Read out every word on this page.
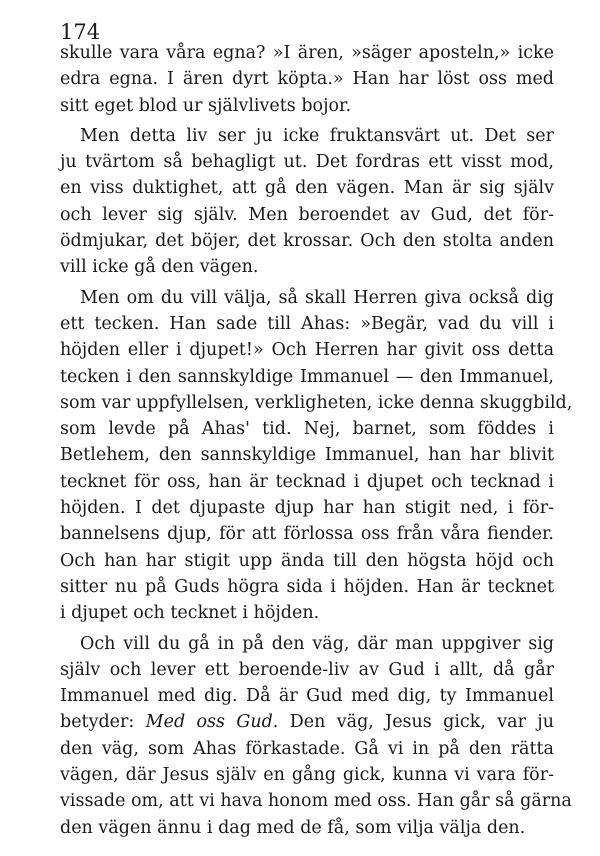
174
skulle vara våra egna? »I ären, »säger aposteln,» icke
edra egna. I ären dyrt köpta.» Han har löst oss med
sitt eget blod ur självlivets bojor.
Men detta liv ser ju icke fruktansvärt ut. Det ser
ju tvärtom så behagligt ut. Det fordras ett visst mod,
en viss duktighet, att gå den vägen. Man är sig själv
och lever sig själv. Men beroendet av Gud, det för-
ödmjukar, det böjer, det krossar. Och den stolta anden
vill icke gå den vägen.
Men om du vill välja, så skall Herren giva också dig
ett tecken. Han sade till Ahas: »Begär, vad du vill i
höjden eller i djupet!» Och Herren har givit oss detta
tecken i den sannskyldige Immanuel — den Immanuel,
som var uppfyllelsen, verkligheten, icke denna skuggbild,
som levde på Ahas' tid. Nej, barnet, som föddes i
Betlehem, den sannskyldige Immanuel, han har blivit
tecknet för oss, han är tecknad i djupet och tecknad i
höjden. I det djupaste djup har han stigit ned, i för-
bannelsens djup, för att förlossa oss från våra fiender.
Och han har stigit upp ända till den högsta höjd och
sitter nu på Guds högra sida i höjden. Han är tecknet
i djupet och tecknet i höjden.
Och vill du gå in på den väg, där man uppgiver sig
själv och lever ett beroende-liv av Gud i allt, då går
Immanuel med dig. Då är Gud med dig, ty Immanuel
betyder: Med oss Gud. Den väg, Jesus gick, var ju
den väg, som Ahas förkastade. Gå vi in på den rätta
vägen, där Jesus själv en gång gick, kunna vi vara för-
vissade om, att vi hava honom med oss. Han går så gärna
den vägen ännu i dag med de få, som vilja välja den.
